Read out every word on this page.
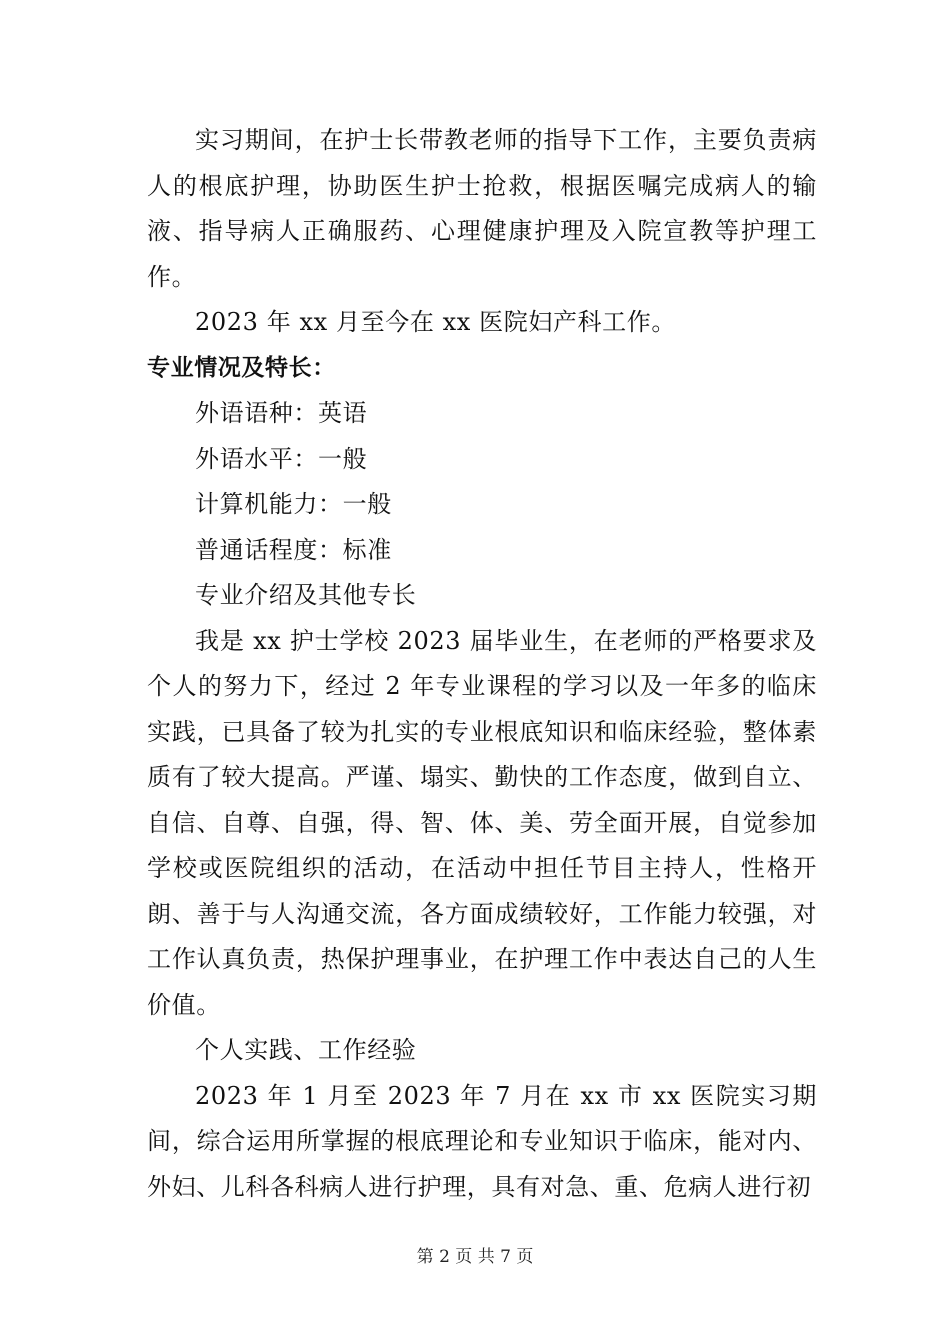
实习期间，在护士长带教老师的指导下工作，主要负责病人的根底护理，协助医生护士抢救，根据医嘱完成病人的输液、指导病人正确服药、心理健康护理及入院宣教等护理工作。

2023 年 xx 月至今在 xx 医院妇产科工作。

专业情况及特长：

外语语种：英语

外语水平：一般

计算机能力：一般

普通话程度：标准

专业介绍及其他专长

我是 xx 护士学校 2023 届毕业生，在老师的严格要求及个人的努力下，经过 2 年专业课程的学习以及一年多的临床实践，已具备了较为扎实的专业根底知识和临床经验，整体素质有了较大提高。严谨、塌实、勤快的工作态度，做到自立、自信、自尊、自强，得、智、体、美、劳全面开展，自觉参加学校或医院组织的活动，在活动中担任节目主持人，性格开朗、善于与人沟通交流，各方面成绩较好，工作能力较强，对工作认真负责，热保护理事业，在护理工作中表达自己的人生价值。

个人实践、工作经验

2023 年 1 月至 2023 年 7 月在 xx 市 xx 医院实习期间，综合运用所掌握的根底理论和专业知识于临床，能对内、外妇、儿科各科病人进行护理，具有对急、重、危病人进行初

第 2 页 共 7 页
